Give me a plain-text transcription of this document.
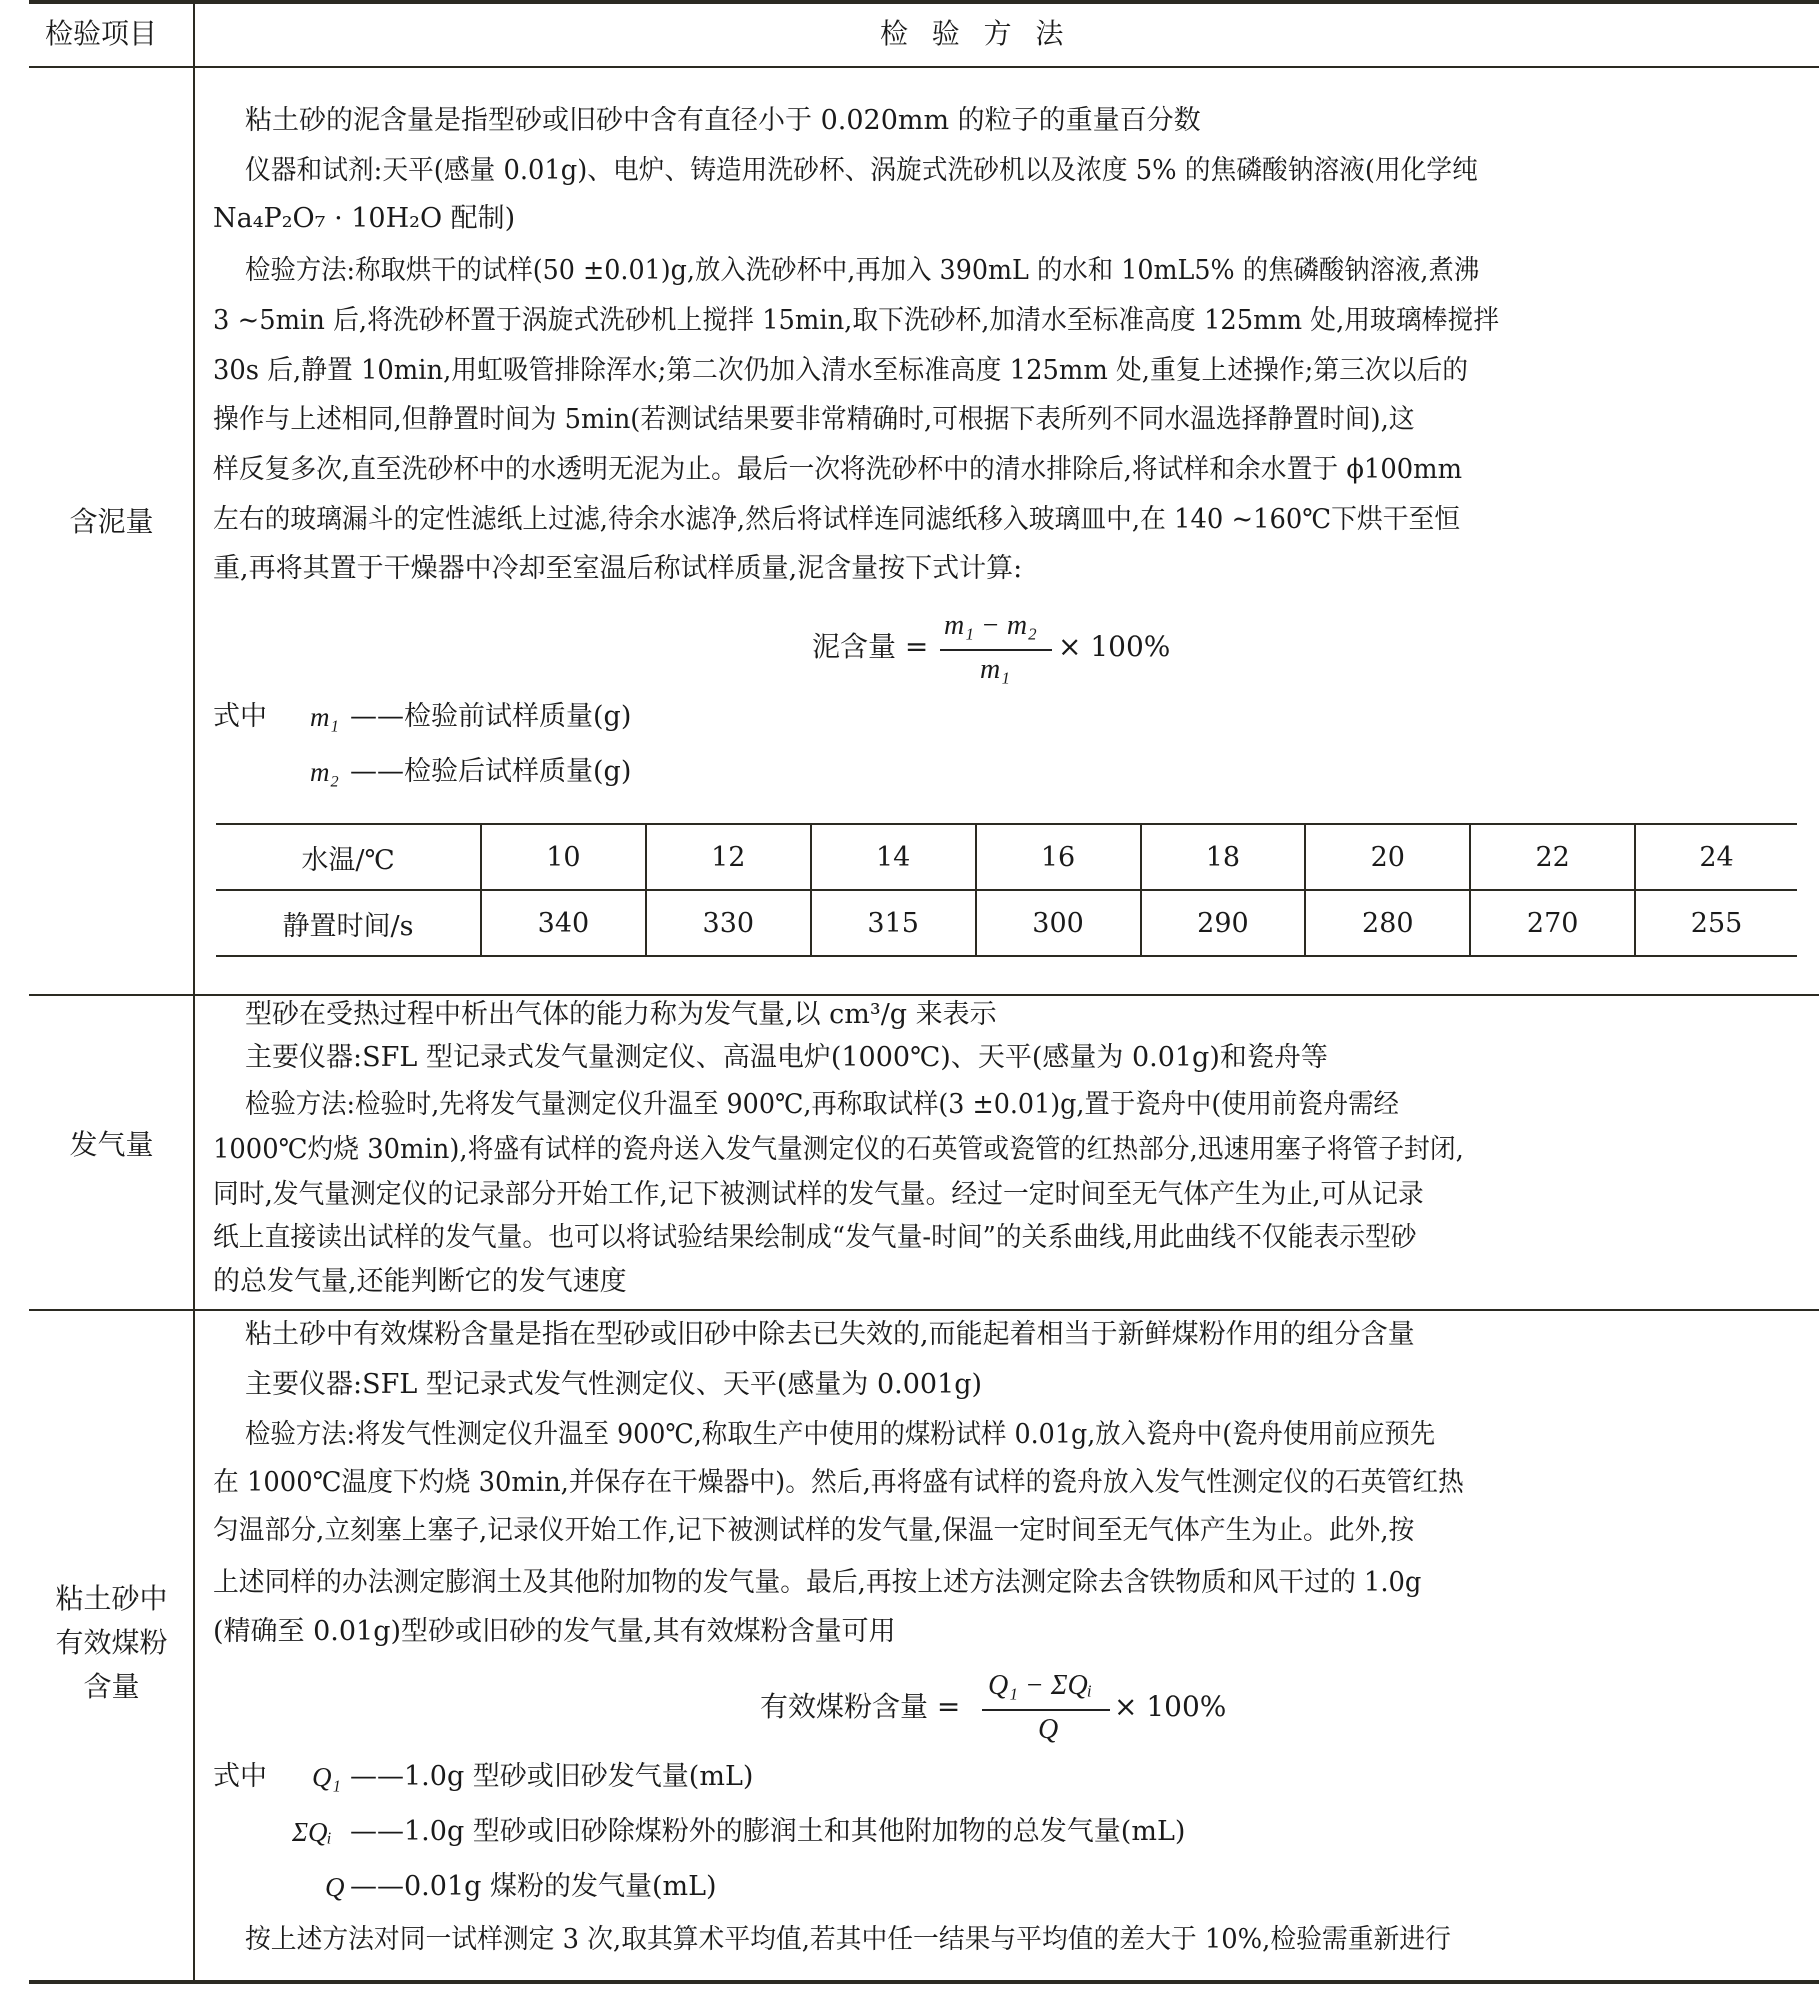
检验项目	检  验  方  法
含泥量
粘土砂的泥含量是指型砂或旧砂中含有直径小于 0.020mm 的粒子的重量百分数
仪器和试剂:天平(感量 0.01g)、电炉、铸造用洗砂杯、涡旋式洗砂机以及浓度 5% 的焦磷酸钠溶液(用化学纯
Na₄P₂O₇ · 10H₂O 配制)
检验方法:称取烘干的试样(50 ±0.01)g,放入洗砂杯中,再加入 390mL 的水和 10mL5% 的焦磷酸钠溶液,煮沸
3 ~5min 后,将洗砂杯置于涡旋式洗砂机上搅拌 15min,取下洗砂杯,加清水至标准高度 125mm 处,用玻璃棒搅拌
30s 后,静置 10min,用虹吸管排除浑水;第二次仍加入清水至标准高度 125mm 处,重复上述操作;第三次以后的
操作与上述相同,但静置时间为 5min(若测试结果要非常精确时,可根据下表所列不同水温选择静置时间),这
样反复多次,直至洗砂杯中的水透明无泥为止。最后一次将洗砂杯中的清水排除后,将试样和余水置于 ϕ100mm
左右的玻璃漏斗的定性滤纸上过滤,待余水滤净,然后将试样连同滤纸移入玻璃皿中,在 140 ~160℃下烘干至恒
重,再将其置于干燥器中冷却至室温后称试样质量,泥含量按下式计算:
泥含量 =
m₁ − m₂
m₁
× 100%
式中 m₁ ——检验前试样质量(g)
m₂ ——检验后试样质量(g)
水温/℃	10	12	14	16	18	20	22	24
静置时间/s	340	330	315	300	290	280	270	255
发气量
型砂在受热过程中析出气体的能力称为发气量,以 cm³/g 来表示
主要仪器:SFL 型记录式发气量测定仪、高温电炉(1000℃)、天平(感量为 0.01g)和瓷舟等
检验方法:检验时,先将发气量测定仪升温至 900℃,再称取试样(3 ±0.01)g,置于瓷舟中(使用前瓷舟需经
1000℃灼烧 30min),将盛有试样的瓷舟送入发气量测定仪的石英管或瓷管的红热部分,迅速用塞子将管子封闭,
同时,发气量测定仪的记录部分开始工作,记下被测试样的发气量。经过一定时间至无气体产生为止,可从记录
纸上直接读出试样的发气量。也可以将试验结果绘制成“发气量-时间”的关系曲线,用此曲线不仅能表示型砂
的总发气量,还能判断它的发气速度
粘土砂中
有效煤粉
含量
粘土砂中有效煤粉含量是指在型砂或旧砂中除去已失效的,而能起着相当于新鲜煤粉作用的组分含量
主要仪器:SFL 型记录式发气性测定仪、天平(感量为 0.001g)
检验方法:将发气性测定仪升温至 900℃,称取生产中使用的煤粉试样 0.01g,放入瓷舟中(瓷舟使用前应预先
在 1000℃温度下灼烧 30min,并保存在干燥器中)。然后,再将盛有试样的瓷舟放入发气性测定仪的石英管红热
匀温部分,立刻塞上塞子,记录仪开始工作,记下被测试样的发气量,保温一定时间至无气体产生为止。此外,按
上述同样的办法测定膨润土及其他附加物的发气量。最后,再按上述方法测定除去含铁物质和风干过的 1.0g
(精确至 0.01g)型砂或旧砂的发气量,其有效煤粉含量可用
有效煤粉含量 =
Q₁ − ΣQᵢ
Q
× 100%
式中 Q₁ ——1.0g 型砂或旧砂发气量(mL)
ΣQᵢ ——1.0g 型砂或旧砂除煤粉外的膨润土和其他附加物的总发气量(mL)
Q ——0.01g 煤粉的发气量(mL)
按上述方法对同一试样测定 3 次,取其算术平均值,若其中任一结果与平均值的差大于 10%,检验需重新进行
